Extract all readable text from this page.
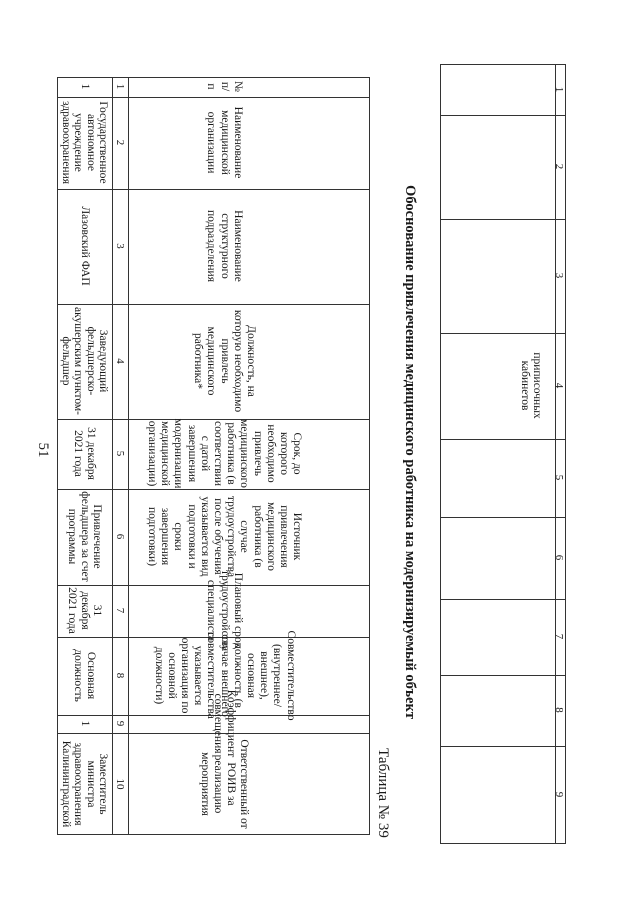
№ п/п
Наименование медицинской организации
Наименование структурного подразделения
Должность, на которую необходимо привлечь медицинского работника*
Срок, до которого необходимо привлечь медицинского работника (в соответствии с датой завершения модернизации медицинской организации)
Источник привлечения медицинского работника (в случае трудоустройства после обучения указывается вид подготовки и сроки завершения подготовки)
Плановый срок трудоустройства специалиста
Совместительство (внутреннее/ внешнее), основная должность (в случае внешнего совместительства указывается организация по основной должности)
Коэффициент совмещения
Ответственный от РОИВ за реализацию мероприятия
1
2
3
4
5
6
7
8
9
10
1
Государственное автономное учреждение здравоохранения
Лазовский ФАП
Заведующий фельдшерско-акушерским пунктом-фельдшер
31 декабря 2021 года
Привлечение фельдшера за счет программы
31 декабря 2021 года
Основная должность
1
Заместитель министра здравоохранения Калининградской
Обоснование привлечения медицинского работника на модернизируемый объект
Таблица № 39
51
1
2
3
4
5
6
7
8
9
приписочных кабинетов
